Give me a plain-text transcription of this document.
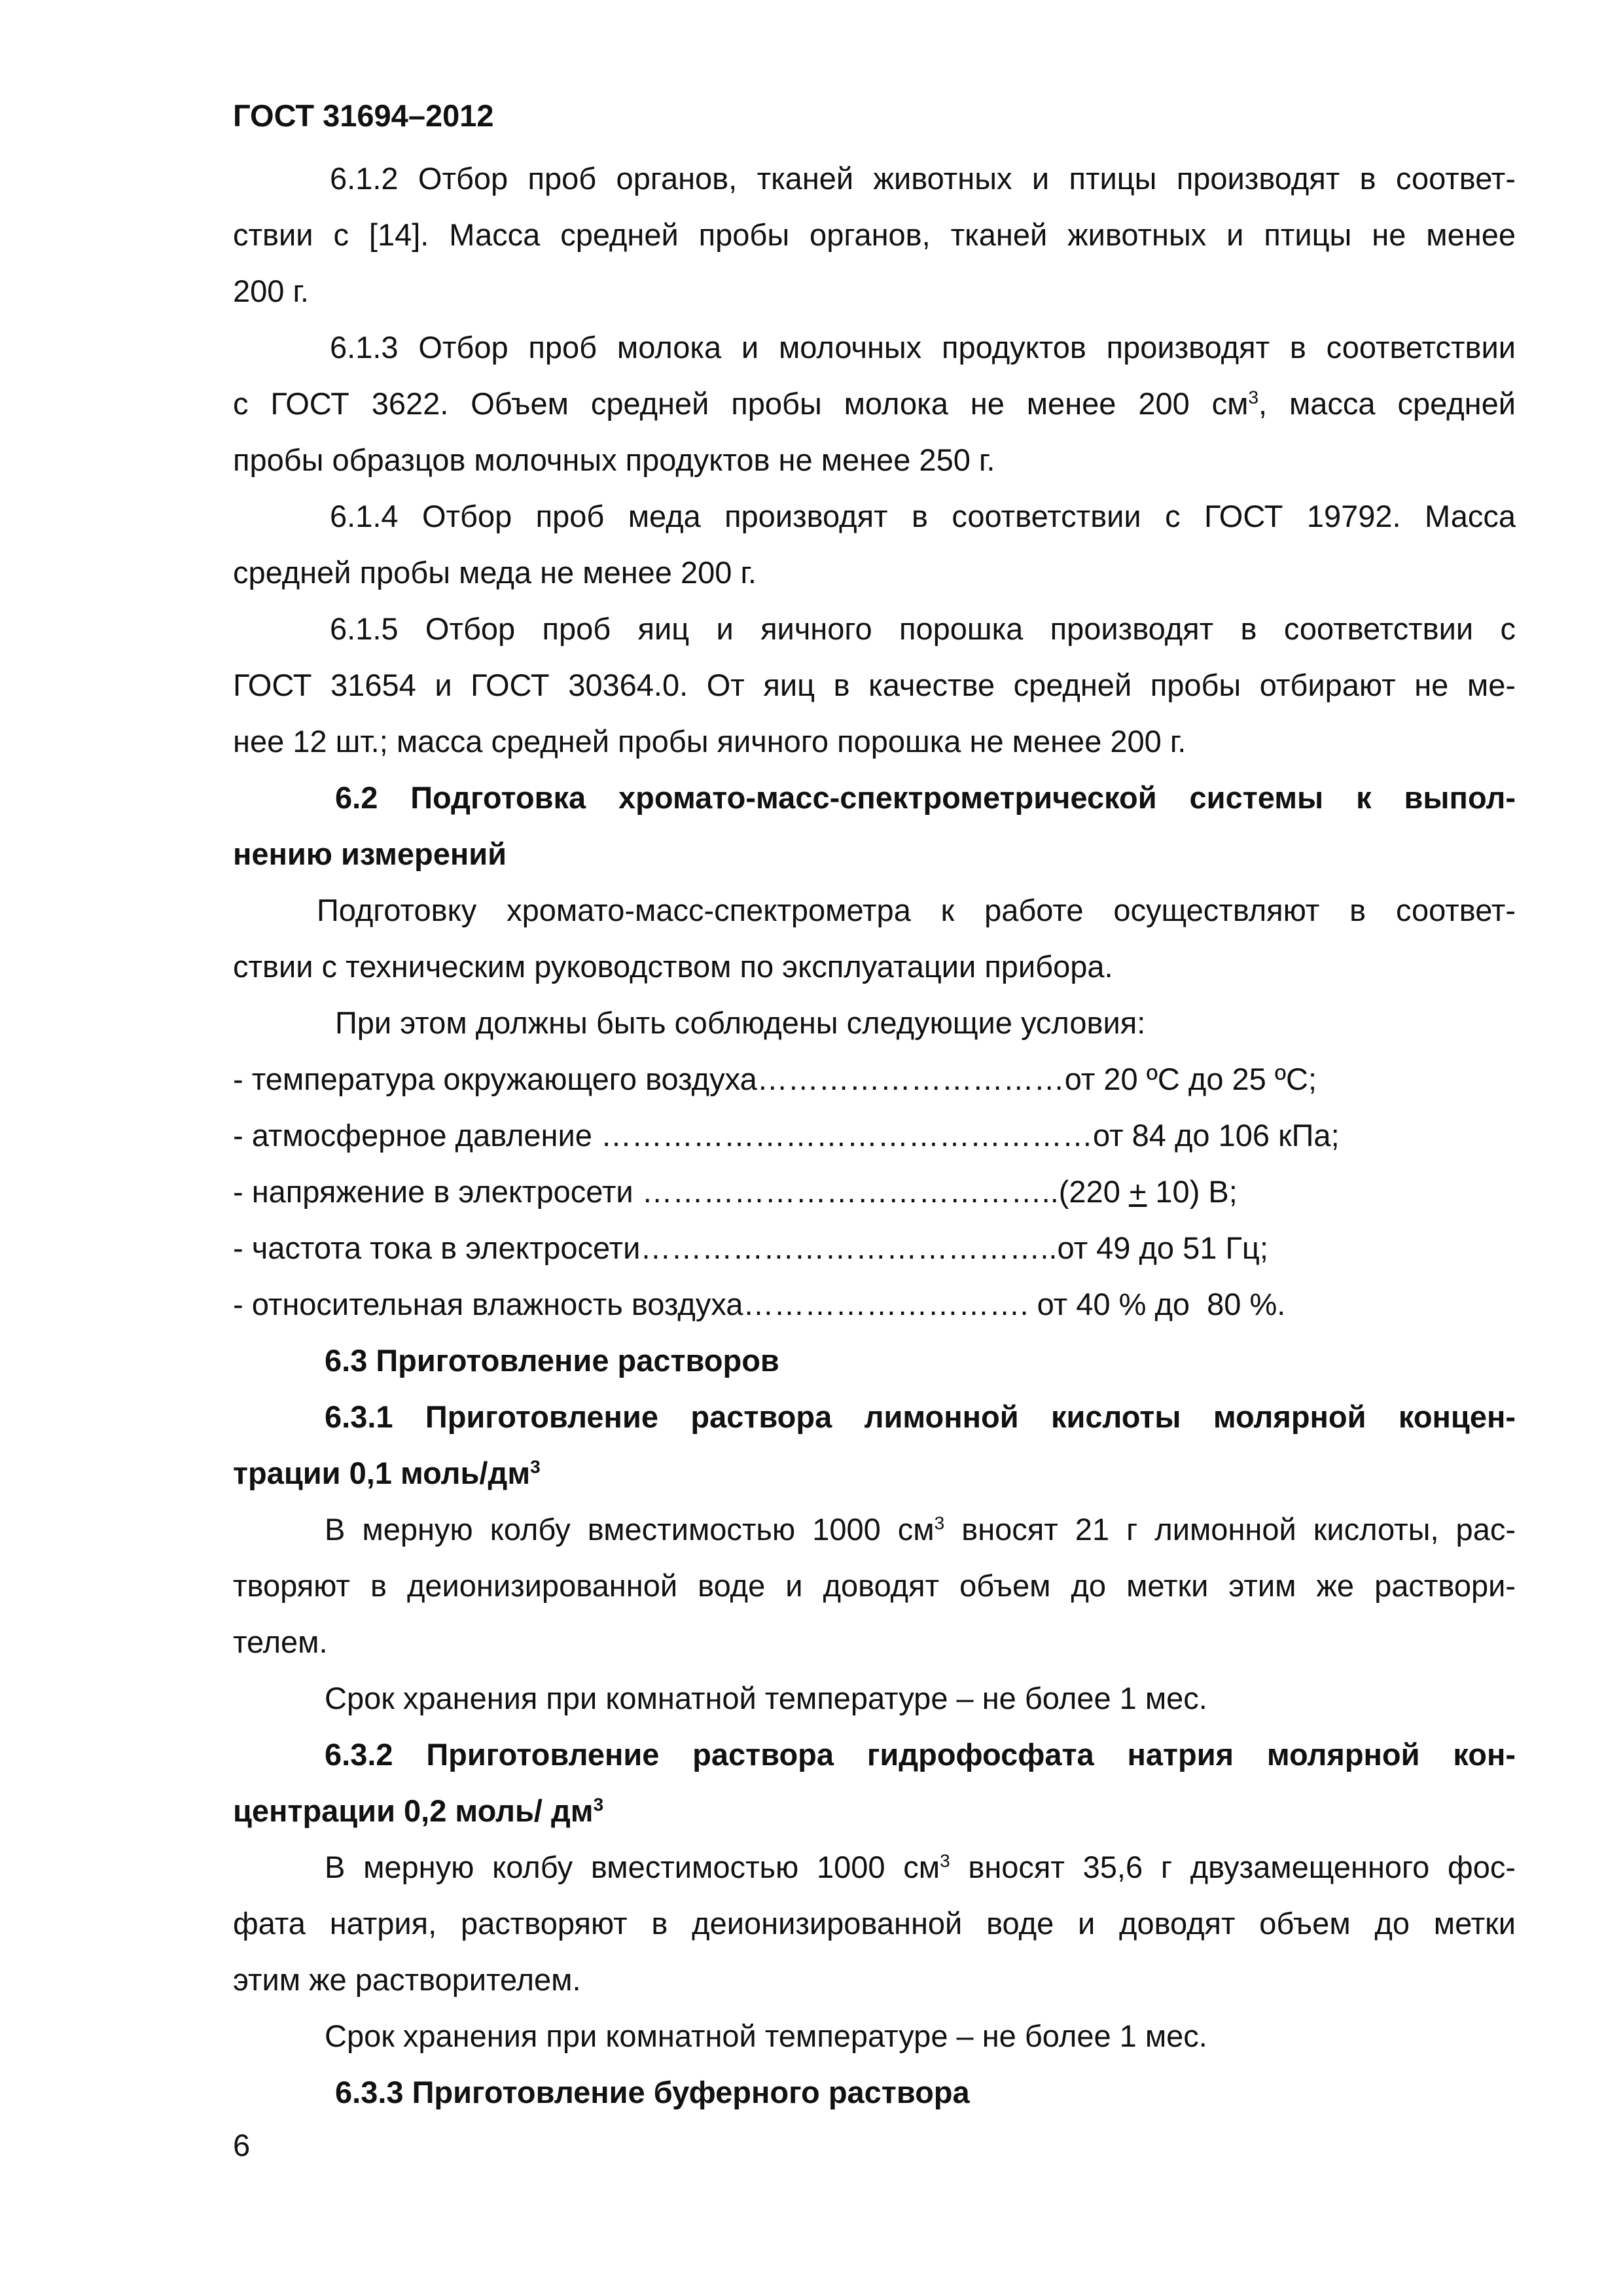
ГОСТ 31694–2012

6.1.2 Отбор проб органов, тканей животных и птицы производят в соответ-

ствии с [14]. Масса средней пробы органов, тканей животных и птицы не менее

200 г.

6.1.3 Отбор проб молока и молочных продуктов производят в соответствии

с ГОСТ 3622. Объем средней пробы молока не менее 200 $см^3$, масса средней

пробы образцов молочных продуктов не менее 250 г.

6.1.4 Отбор проб меда производят в соответствии с ГОСТ 19792. Масса

средней пробы меда не менее 200 г.

6.1.5 Отбор проб яиц и яичного порошка производят в соответствии с

ГОСТ 31654 и ГОСТ 30364.0. От яиц в качестве средней пробы отбирают не ме-

нее 12 шт.; масса средней пробы яичного порошка не менее 200 г.

6.2 Подготовка хромато-масс-спектрометрической системы к выпол-

нению измерений

Подготовку хромато-масс-спектрометра к работе осуществляют в соответ-

ствии с техническим руководством по эксплуатации прибора.

При этом должны быть соблюдены следующие условия:

- температура окружающего воздуха…………………………от 20 ºС до 25 ºС;

- атмосферное давление …………………………………………от 84 до 106 кПа;

- напряжение в электросети …………………………………..(220 + 10) В;

- частота тока в электросети…………………………………..от 49 до 51 Гц;

- относительная влажность воздуха………………………. от 40 % до  80 %.

6.3 Приготовление растворов

6.3.1 Приготовление раствора лимонной кислоты молярной концен-

трации 0,1 моль/$дм^3$

В мерную колбу вместимостью 1000 $см^3$ вносят 21 г лимонной кислоты, рас-

творяют в деионизированной воде и доводят объем до метки этим же раствори-

телем.

Срок хранения при комнатной температуре – не более 1 мес.

6.3.2 Приготовление раствора гидрофосфата натрия молярной кон-

центрации 0,2 моль/ $дм^3$

В мерную колбу вместимостью 1000 $см^3$ вносят 35,6 г двузамещенного фос-

фата натрия, растворяют в деионизированной воде и доводят объем до метки

этим же растворителем.

Срок хранения при комнатной температуре – не более 1 мес.

6.3.3 Приготовление буферного раствора

6
